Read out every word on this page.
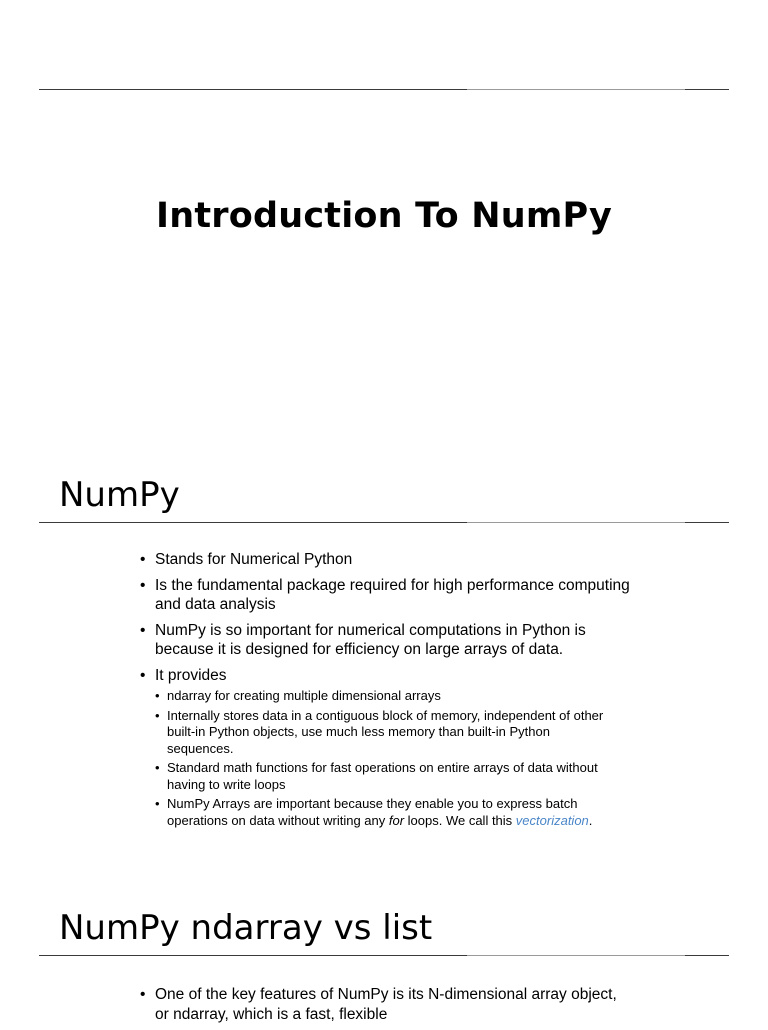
Introduction To NumPy
NumPy
• Stands for Numerical Python
• Is the fundamental package required for high performance computing and data analysis
• NumPy is so important for numerical computations in Python is because it is designed for efficiency on large arrays of data.
• It provides
• ndarray for creating multiple dimensional arrays
• Internally stores data in a contiguous block of memory, independent of other built-in Python objects, use much less memory than built-in Python sequences.
• Standard math functions for fast operations on entire arrays of data without having to write loops
• NumPy Arrays are important because they enable you to express batch operations on data without writing any for loops. We call this vectorization.
NumPy ndarray vs list
• One of the key features of NumPy is its N-dimensional array object, or ndarray, which is a fast, flexible
